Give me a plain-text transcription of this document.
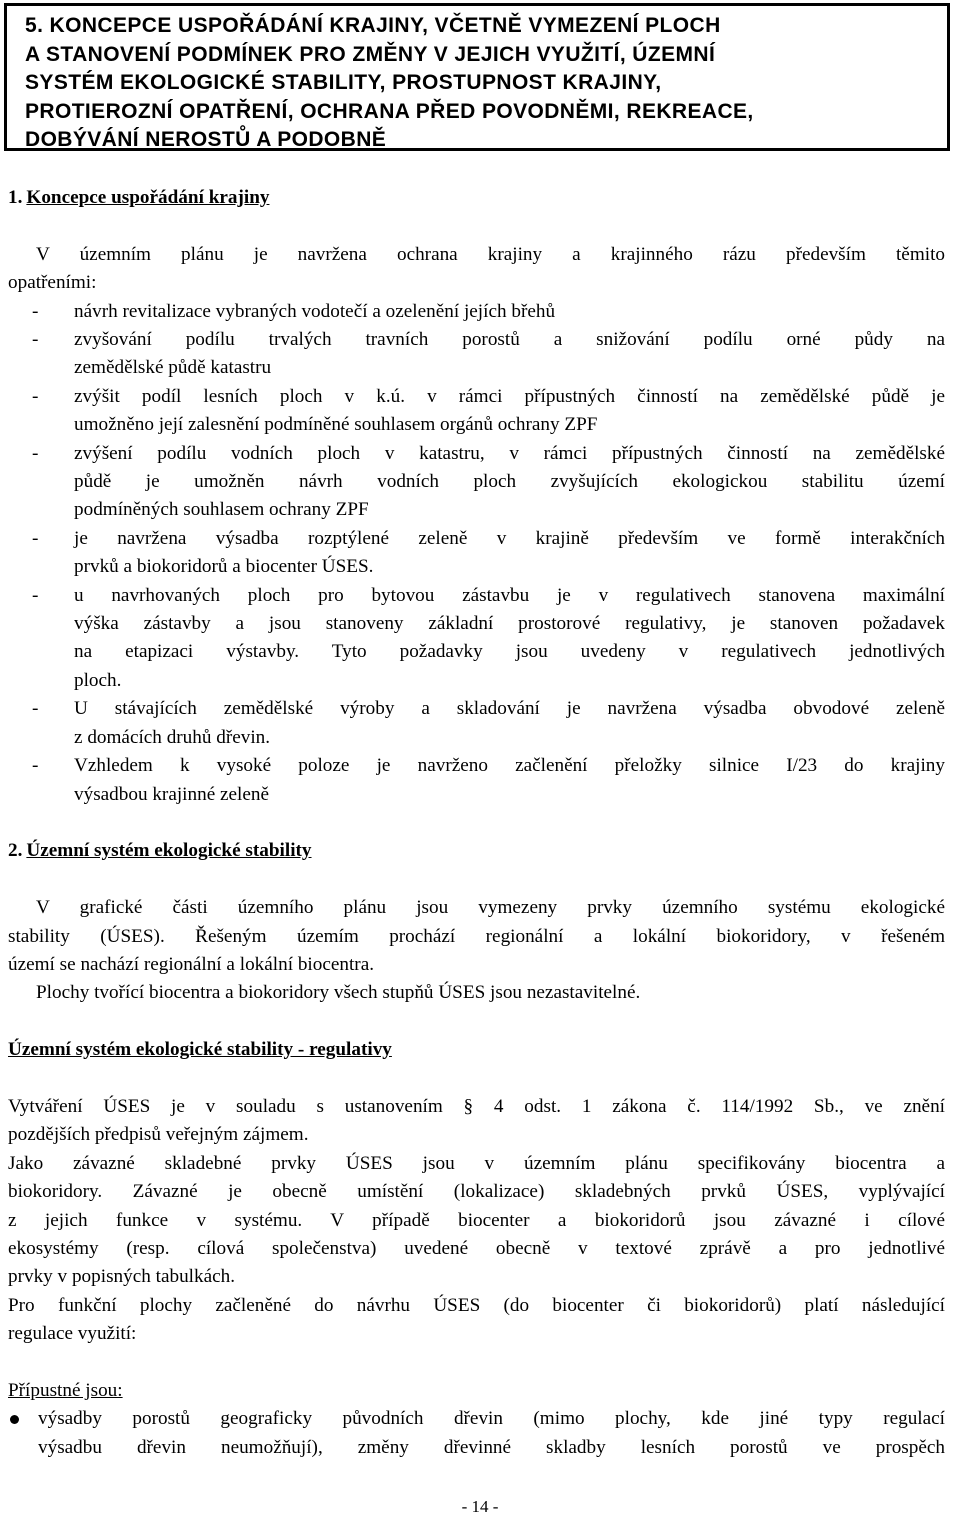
5. KONCEPCE USPOŘÁDÁNÍ KRAJINY, VČETNĚ VYMEZENÍ PLOCH
A STANOVENÍ PODMÍNEK PRO ZMĚNY V JEJICH VYUŽITÍ, ÚZEMNÍ
SYSTÉM EKOLOGICKÉ STABILITY, PROSTUPNOST KRAJINY,
PROTIEROZNÍ OPATŘENÍ, OCHRANA PŘED POVODNĚMI, REKREACE,
DOBÝVÁNÍ NEROSTŮ A PODOBNĚ
1. Koncepce uspořádání krajiny
V územním plánu je navržena ochrana krajiny a krajinného rázu především těmito
opatřeními:
- návrh revitalizace vybraných vodotečí a ozelenění jejích břehů
- zvyšování podílu trvalých travních porostů a snižování podílu orné půdy na
zemědělské půdě katastru
- zvýšit podíl lesních ploch v k.ú. v rámci přípustných činností na zemědělské půdě je
umožněno její zalesnění podmíněné souhlasem orgánů ochrany ZPF
- zvýšení podílu vodních ploch v katastru, v rámci přípustných činností na zemědělské
půdě je umožněn návrh vodních ploch zvyšujících ekologickou stabilitu území
podmíněných souhlasem ochrany ZPF
- je navržena výsadba rozptýlené zeleně v krajině především ve formě interakčních
prvků a biokoridorů a biocenter ÚSES.
- u navrhovaných ploch pro bytovou zástavbu je v regulativech stanovena maximální
výška zástavby a jsou stanoveny základní prostorové regulativy, je stanoven požadavek
na etapizaci výstavby. Tyto požadavky jsou uvedeny v regulativech jednotlivých
ploch.
- U stávajících zemědělské výroby a skladování je navržena výsadba obvodové zeleně
z domácích druhů dřevin.
- Vzhledem k vysoké poloze je navrženo začlenění přeložky silnice I/23 do krajiny
výsadbou krajinné zeleně
2. Územní systém ekologické stability
V grafické části územního plánu jsou vymezeny prvky územního systému ekologické
stability (ÚSES). Řešeným územím prochází regionální a lokální biokoridory, v řešeném
území se nachází regionální a lokální biocentra.
Plochy tvořící biocentra a biokoridory všech stupňů ÚSES jsou nezastavitelné.
Územní systém ekologické stability - regulativy
Vytváření ÚSES je v souladu s ustanovením § 4 odst. 1 zákona č. 114/1992 Sb., ve znění
pozdějších předpisů veřejným zájmem.
Jako závazné skladebné prvky ÚSES jsou v územním plánu specifikovány biocentra a
biokoridory. Závazné je obecně umístění (lokalizace) skladebných prvků ÚSES, vyplývající
z jejich funkce v systému. V případě biocenter a biokoridorů jsou závazné i cílové
ekosystémy (resp. cílová společenstva) uvedené obecně v textové zprávě a pro jednotlivé
prvky v popisných tabulkách.
Pro funkční plochy začleněné do návrhu ÚSES (do biocenter či biokoridorů) platí následující
regulace využití:
Přípustné jsou:
výsadby porostů geograficky původních dřevin (mimo plochy, kde jiné typy regulací
výsadbu dřevin neumožňují), změny dřevinné skladby lesních porostů ve prospěch
- 14 -
